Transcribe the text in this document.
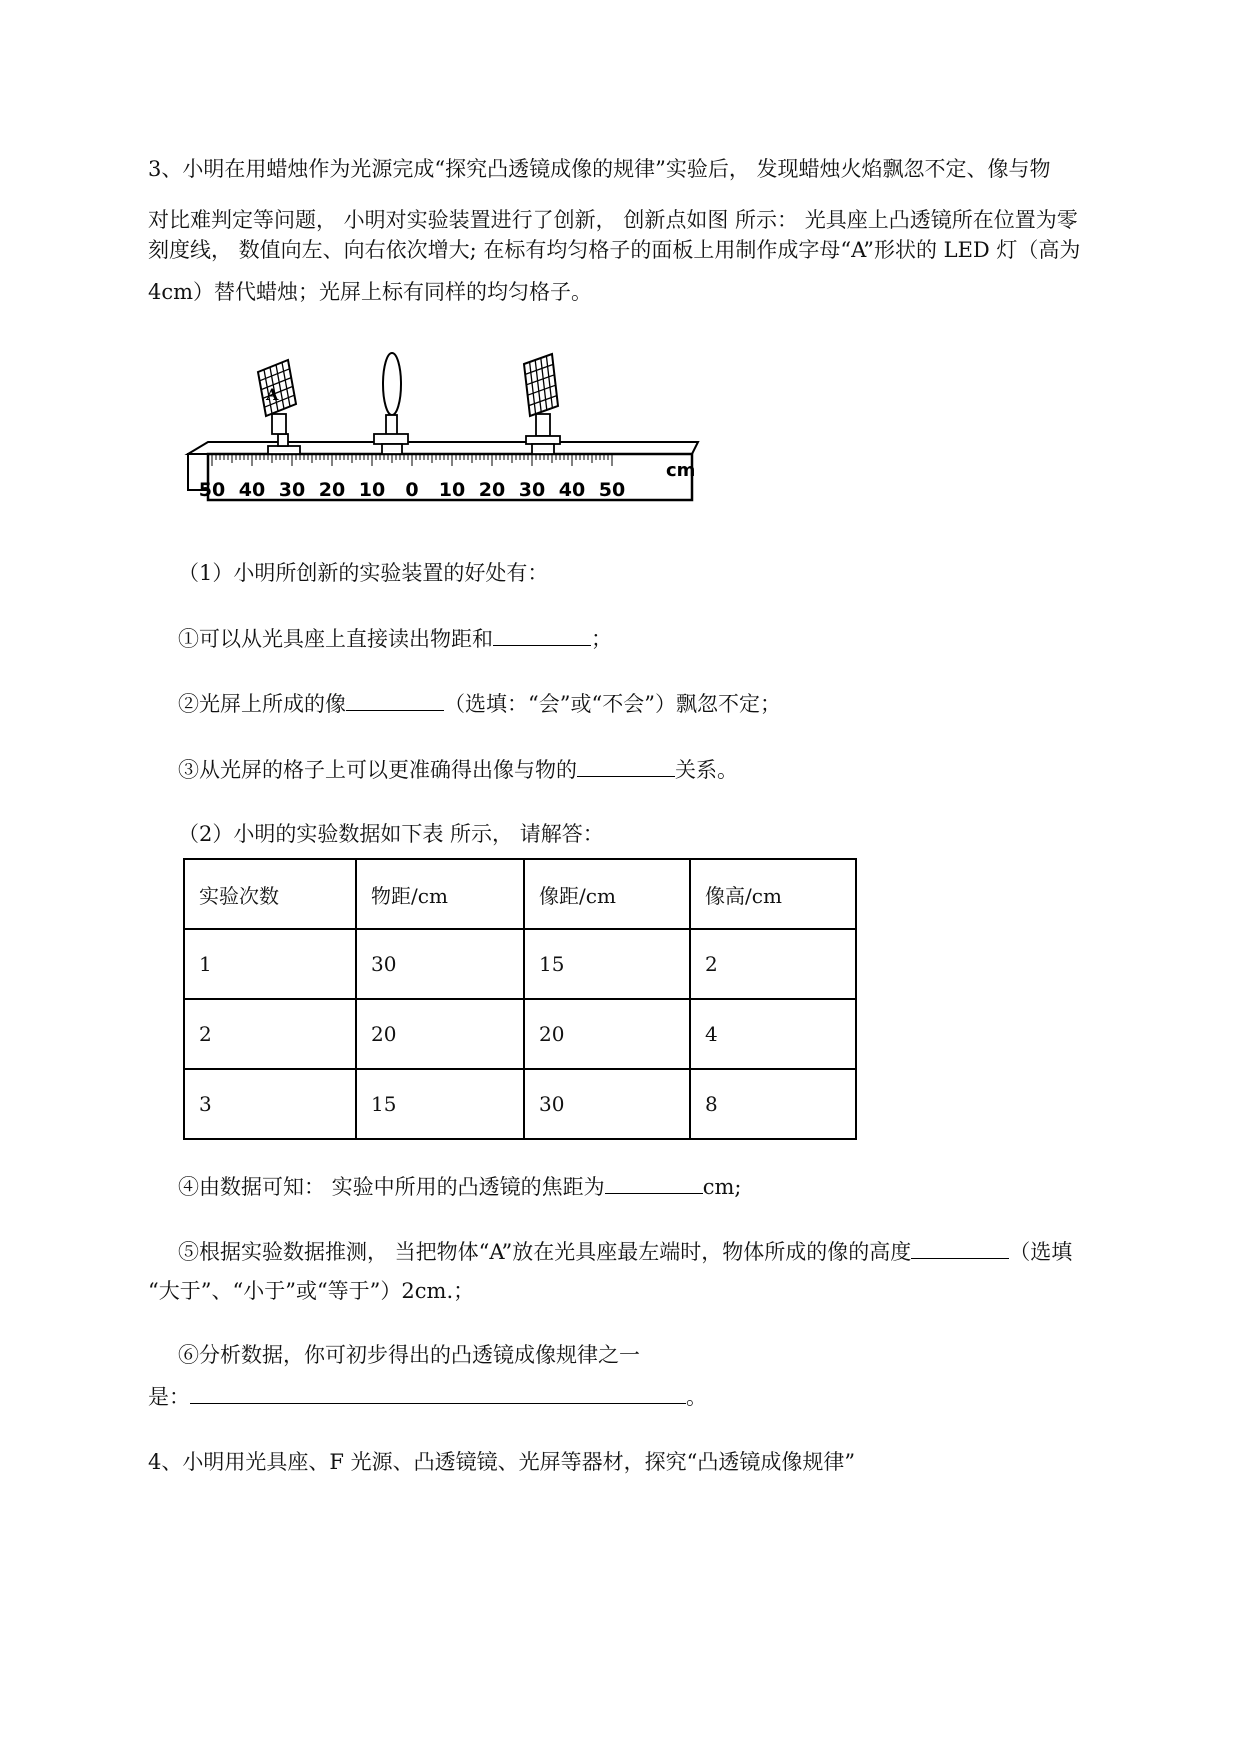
3、小明在用蜡烛作为光源完成“探究凸透镜成像的规律”实验后， 发现蜡烛火焰飘忽不定、像与物
对比难判定等问题， 小明对实验装置进行了创新， 创新点如图 所示： 光具座上凸透镜所在位置为零
刻度线， 数值向左、向右依次增大; 在标有均匀格子的面板上用制作成字母“A”形状的 LED 灯（高为
4cm）替代蜡烛；光屏上标有同样的均匀格子。
50 40 30 20 10 0 10 20 30 40 50
cm
A
（1）小明所创新的实验装置的好处有：
①可以从光具座上直接读出物距和	；
②光屏上所成的像	（选填：“会”或“不会”）飘忽不定；
③从光屏的格子上可以更准确得出像与物的	关系。
（2）小明的实验数据如下表 所示， 请解答：
实验次数	物距/cm	像距/cm	像高/cm
1	30	15	2
2	20	20	4
3	15	30	8
④由数据可知： 实验中所用的凸透镜的焦距为	cm;
⑤根据实验数据推测， 当把物体“A”放在光具座最左端时，物体所成的像的高度	（选填
“大于”、“小于”或“等于”）2cm.；
⑥分析数据，你可初步得出的凸透镜成像规律之一
是：	。
4、小明用光具座、F 光源、凸透镜镜、光屏等器材，探究“凸透镜成像规律”
